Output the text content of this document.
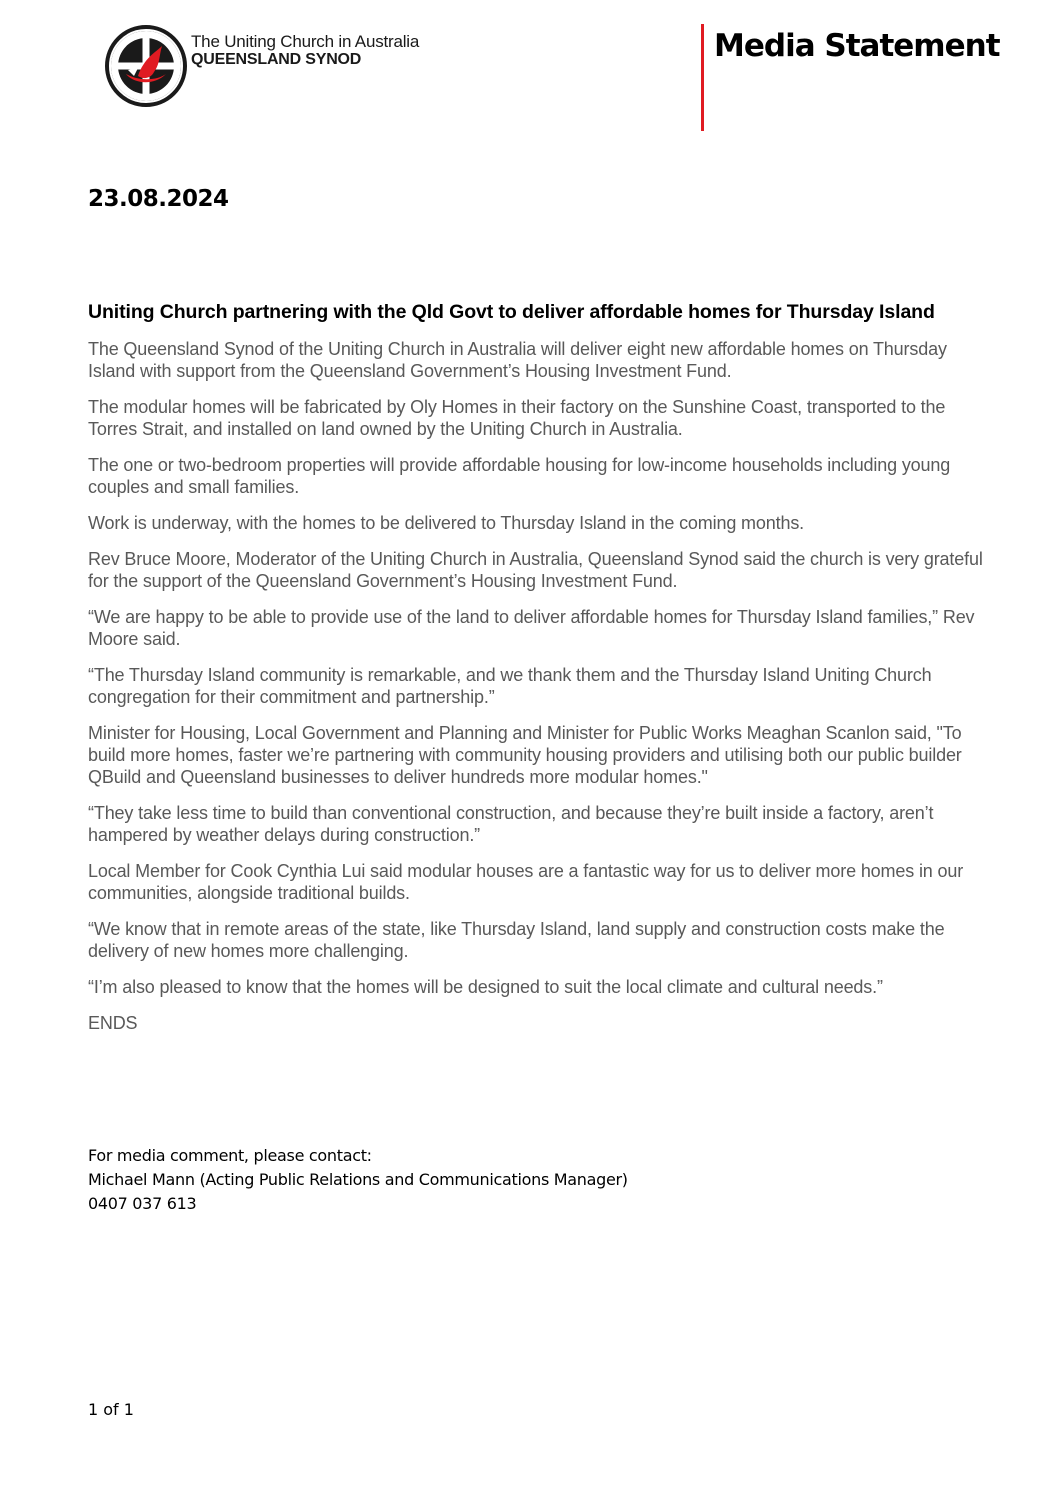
The Uniting Church in Australia
QUEENSLAND SYNOD	Media Statement
23.08.2024
Uniting Church partnering with the Qld Govt to deliver affordable homes for Thursday Island

The Queensland Synod of the Uniting Church in Australia will deliver eight new affordable homes on Thursday Island with support from the Queensland Government’s Housing Investment Fund.

The modular homes will be fabricated by Oly Homes in their factory on the Sunshine Coast, transported to the Torres Strait, and installed on land owned by the Uniting Church in Australia.

The one or two-bedroom properties will provide affordable housing for low-income households including young couples and small families.

Work is underway, with the homes to be delivered to Thursday Island in the coming months.

Rev Bruce Moore, Moderator of the Uniting Church in Australia, Queensland Synod said the church is very grateful for the support of the Queensland Government’s Housing Investment Fund.

“We are happy to be able to provide use of the land to deliver affordable homes for Thursday Island families,” Rev Moore said.

“The Thursday Island community is remarkable, and we thank them and the Thursday Island Uniting Church congregation for their commitment and partnership.”

Minister for Housing, Local Government and Planning and Minister for Public Works Meaghan Scanlon said, "To build more homes, faster we’re partnering with community housing providers and utilising both our public builder QBuild and Queensland businesses to deliver hundreds more modular homes."

“They take less time to build than conventional construction, and because they’re built inside a factory, aren’t hampered by weather delays during construction.”

Local Member for Cook Cynthia Lui said modular houses are a fantastic way for us to deliver more homes in our communities, alongside traditional builds.

“We know that in remote areas of the state, like Thursday Island, land supply and construction costs make the delivery of new homes more challenging.

“I’m also pleased to know that the homes will be designed to suit the local climate and cultural needs.”

ENDS

For media comment, please contact:
Michael Mann (Acting Public Relations and Communications Manager)
0407 037 613
1 of 1
